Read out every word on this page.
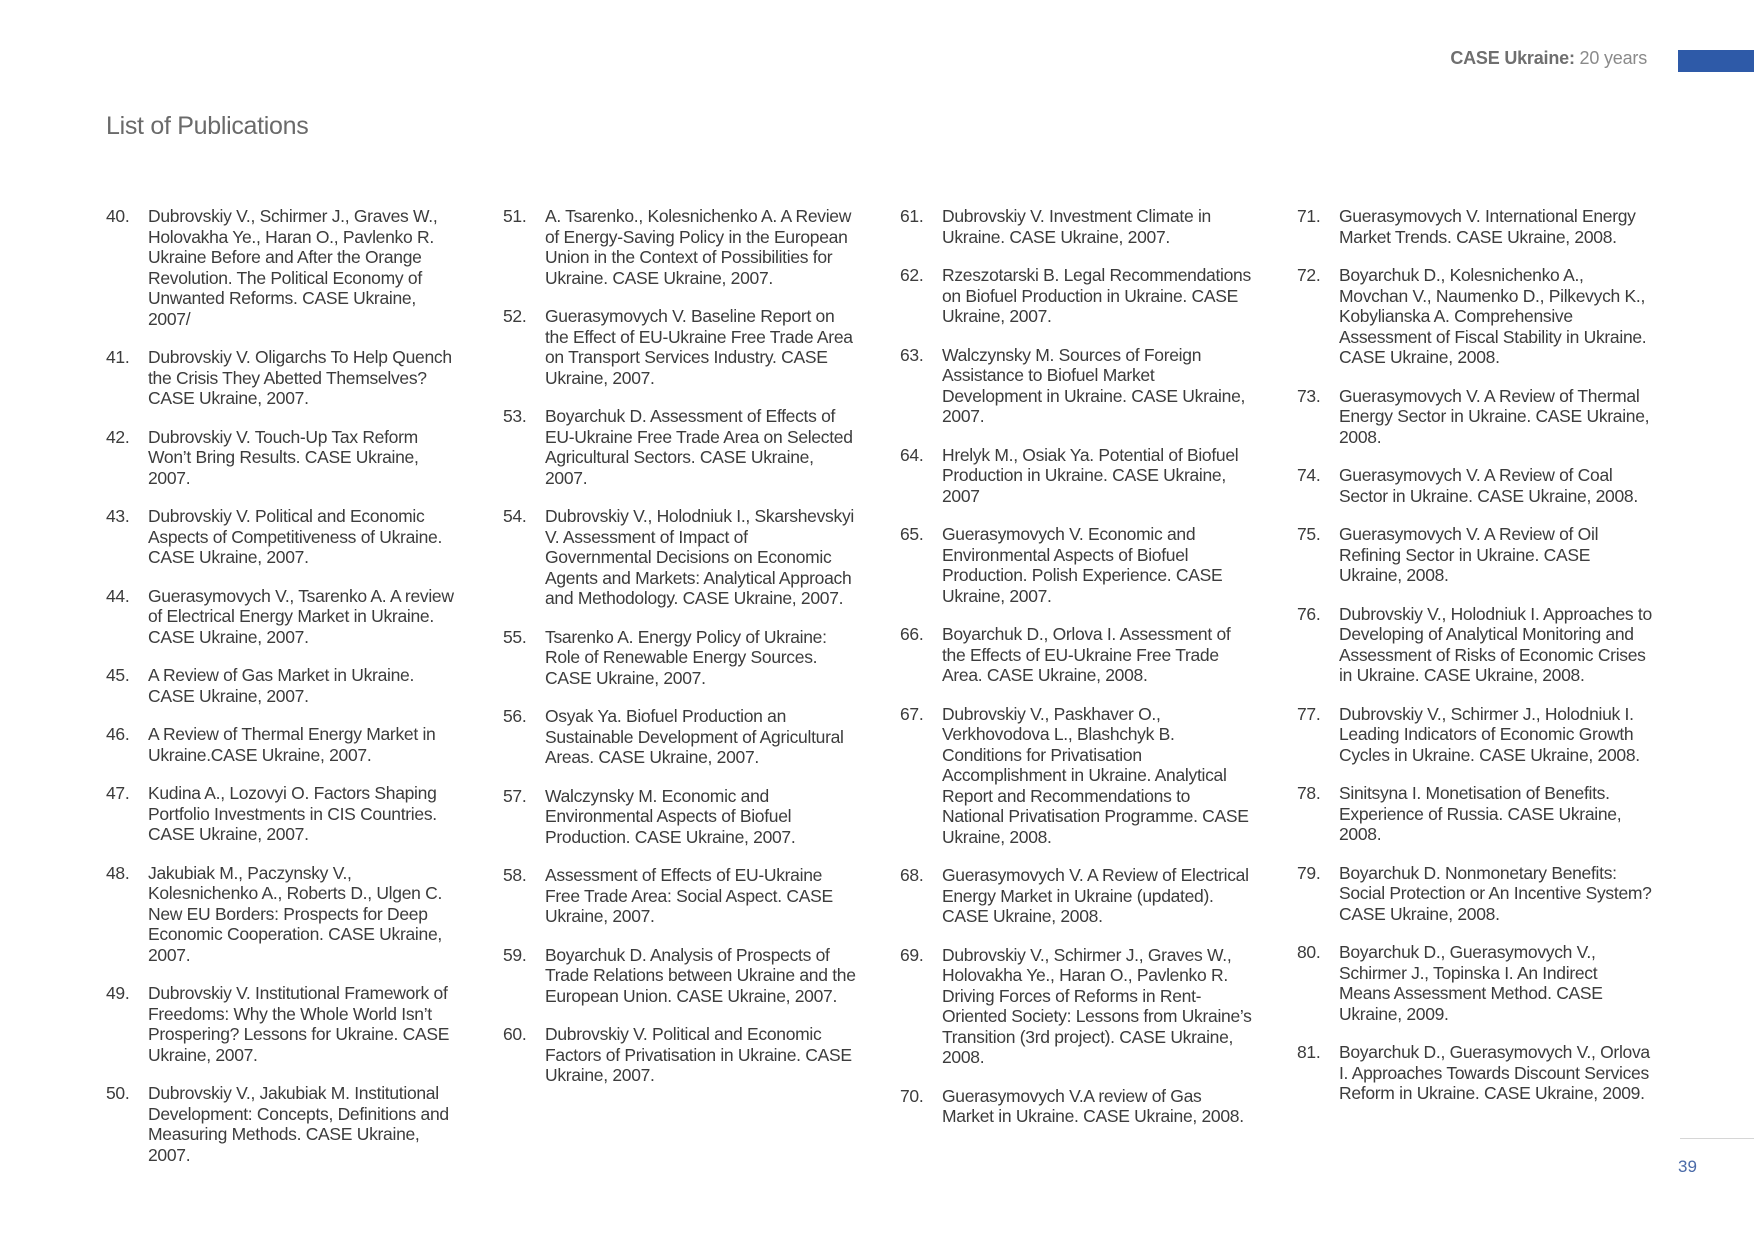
CASE Ukraine: 20 years
List of Publications
40.	Dubrovskiy V., Schirmer J., Graves W., Holovakha Ye., Haran O., Pavlenko R. Ukraine Before and After the Orange Revolution. The Political Economy of Unwanted Reforms. CASE Ukraine, 2007/
41.	Dubrovskiy V. Oligarchs To Help Quench the Crisis They Abetted Themselves? CASE Ukraine, 2007.
42.	Dubrovskiy V. Touch-Up Tax Reform Won’t Bring Results. CASE Ukraine, 2007.
43.	Dubrovskiy V. Political and Economic Aspects of Competitiveness of Ukraine. CASE Ukraine, 2007.
44.	Guerasymovych V., Tsarenko A. A review of Electrical Energy Market in Ukraine. CASE Ukraine, 2007.
45.	A Review of Gas Market in Ukraine. CASE Ukraine, 2007.
46.	A Review of Thermal Energy Market in Ukraine.CASE Ukraine, 2007.
47.	Kudina A., Lozovyi O. Factors Shaping Portfolio Investments in CIS Countries. CASE Ukraine, 2007.
48.	Jakubiak M., Paczynsky V., Kolesnichenko A., Roberts D., Ulgen C. New EU Borders: Prospects for Deep Economic Cooperation. CASE Ukraine, 2007.
49.	Dubrovskiy V. Institutional Framework of Freedoms: Why the Whole World Isn’t Prospering? Lessons for Ukraine. CASE Ukraine, 2007.
50.	Dubrovskiy V., Jakubiak M. Institutional Development: Concepts, Definitions and Measuring Methods. CASE Ukraine, 2007.
51.	A. Tsarenko., Kolesnichenko A. A Review of Energy-Saving Policy in the European Union in the Context of Possibilities for Ukraine. CASE Ukraine, 2007.
52.	Guerasymovych V. Baseline Report on the Effect of EU-Ukraine Free Trade Area on Transport Services Industry. CASE Ukraine, 2007.
53.	Boyarchuk D. Assessment of Effects of EU-Ukraine Free Trade Area on Selected Agricultural Sectors. CASE Ukraine, 2007.
54.	Dubrovskiy V., Holodniuk I., Skarshevskyi V. Assessment of Impact of Governmental Decisions on Economic Agents and Markets: Analytical Approach and Methodology. CASE Ukraine, 2007.
55.	Tsarenko A. Energy Policy of Ukraine: Role of Renewable Energy Sources. CASE Ukraine, 2007.
56.	Osyak Ya. Biofuel Production an Sustainable Development of Agricultural Areas. CASE Ukraine, 2007.
57.	Walczynsky M. Economic and Environmental Aspects of Biofuel Production. CASE Ukraine, 2007.
58.	Assessment of Effects of EU-Ukraine Free Trade Area: Social Aspect. CASE Ukraine, 2007.
59.	Boyarchuk D. Analysis of Prospects of Trade Relations between Ukraine and the European Union. CASE Ukraine, 2007.
60.	Dubrovskiy V. Political and Economic Factors of Privatisation in Ukraine. CASE Ukraine, 2007.
61.	Dubrovskiy V. Investment Climate in Ukraine. CASE Ukraine, 2007.
62.	Rzeszotarski B. Legal Recommendations on Biofuel Production in Ukraine. CASE Ukraine, 2007.
63.	Walczynsky M. Sources of Foreign Assistance to Biofuel Market Development in Ukraine. CASE Ukraine, 2007.
64.	Hrelyk M., Osiak Ya. Potential of Biofuel Production in Ukraine. CASE Ukraine, 2007
65.	Guerasymovych V. Economic and Environmental Aspects of Biofuel Production. Polish Experience. CASE Ukraine, 2007.
66.	Boyarchuk D., Orlova I. Assessment of the Effects of EU-Ukraine Free Trade Area. CASE Ukraine, 2008.
67.	Dubrovskiy V., Paskhaver O., Verkhovodova L., Blashchyk B. Conditions for Privatisation Accomplishment in Ukraine. Analytical Report and Recommendations to National Privatisation Programme. CASE Ukraine, 2008.
68.	Guerasymovych V. A Review of Electrical Energy Market in Ukraine (updated). CASE Ukraine, 2008.
69.	Dubrovskiy V., Schirmer J., Graves W., Holovakha Ye., Haran O., Pavlenko R. Driving Forces of Reforms in Rent-Oriented Society: Lessons from Ukraine’s Transition (3rd project). CASE Ukraine, 2008.
70.	Guerasymovych V.A review of Gas Market in Ukraine. CASE Ukraine, 2008.
71.	Guerasymovych V. International Energy Market Trends. CASE Ukraine, 2008.
72.	Boyarchuk D., Kolesnichenko A., Movchan V., Naumenko D., Pilkevych K., Kobylianska A. Comprehensive Assessment of Fiscal Stability in Ukraine. CASE Ukraine, 2008.
73.	Guerasymovych V. A Review of Thermal Energy Sector in Ukraine. CASE Ukraine, 2008.
74.	Guerasymovych V. A Review of Coal Sector in Ukraine. CASE Ukraine, 2008.
75.	Guerasymovych V. A Review of Oil Refining Sector in Ukraine. CASE Ukraine, 2008.
76.	Dubrovskiy V., Holodniuk I. Approaches to Developing of Analytical Monitoring and Assessment of Risks of Economic Crises in Ukraine. CASE Ukraine, 2008.
77.	Dubrovskiy V., Schirmer J., Holodniuk I. Leading Indicators of Economic Growth Cycles in Ukraine. CASE Ukraine, 2008.
78.	Sinitsyna I. Monetisation of Benefits. Experience of Russia. CASE Ukraine, 2008.
79.	Boyarchuk D. Nonmonetary Benefits: Social Protection or An Incentive System? CASE Ukraine, 2008.
80.	Boyarchuk D., Guerasymovych V., Schirmer J., Topinska I. An Indirect Means Assessment Method. CASE Ukraine, 2009.
81.	Boyarchuk D., Guerasymovych V., Orlova I. Approaches Towards Discount Services Reform in Ukraine. CASE Ukraine, 2009.
39
